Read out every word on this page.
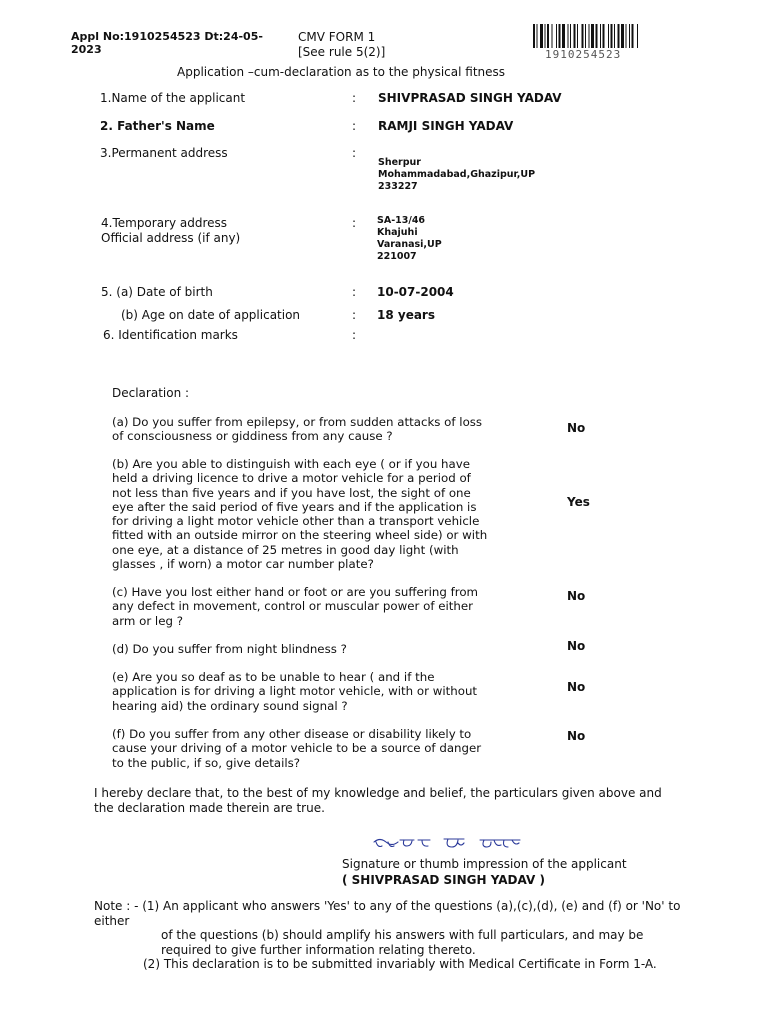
Appl No:1910254523 Dt:24-05-2023
CMV FORM 1
[See rule 5(2)]	1910254523
Application –cum-declaration as to the physical fitness
1.Name of the applicant	: SHIVPRASAD SINGH YADAV
2. Father's Name	: RAMJI SINGH YADAV
3.Permanent address	:
Sherpur
Mohammadabad,Ghazipur,UP
233227
4.Temporary address
Official address (if any)
: SA-13/46
Khajuhi
Varanasi,UP
221007
5. (a) Date of birth	: 10-07-2004
(b) Age on date of application	: 18 years
6. Identification marks	:
Declaration :
(a) Do you suffer from epilepsy, or from sudden attacks of loss of consciousness or giddiness from any cause ?
No
(b) Are you able to distinguish with each eye ( or if you have held a driving licence to drive a motor vehicle for a period of not less than five years and if you have lost, the sight of one eye after the said period of five years and if the application is for driving a light motor vehicle other than a transport vehicle fitted with an outside mirror on the steering wheel side) or with one eye, at a distance of 25 metres in good day light (with glasses , if worn) a motor car number plate?
Yes
(c) Have you lost either hand or foot or are you suffering from any defect in movement, control or muscular power of either arm or leg ?
No
(d) Do you suffer from night blindness ?	No
(e) Are you so deaf as to be unable to hear ( and if the application is for driving a light motor vehicle, with or without hearing aid) the ordinary sound signal ?
No
(f) Do you suffer from any other disease or disability likely to cause your driving of a motor vehicle to be a source of danger to the public, if so, give details?
No
I hereby declare that, to the best of my knowledge and belief, the particulars given above and the declaration made therein are true.
Signature or thumb impression of the applicant
( SHIVPRASAD SINGH YADAV )
Note : - (1) An applicant who answers 'Yes' to any of the questions (a),(c),(d), (e) and (f) or 'No' to either
of the questions (b) should amplify his answers with full particulars, and may be required to give further information relating thereto.
(2) This declaration is to be submitted invariably with Medical Certificate in Form 1-A.
